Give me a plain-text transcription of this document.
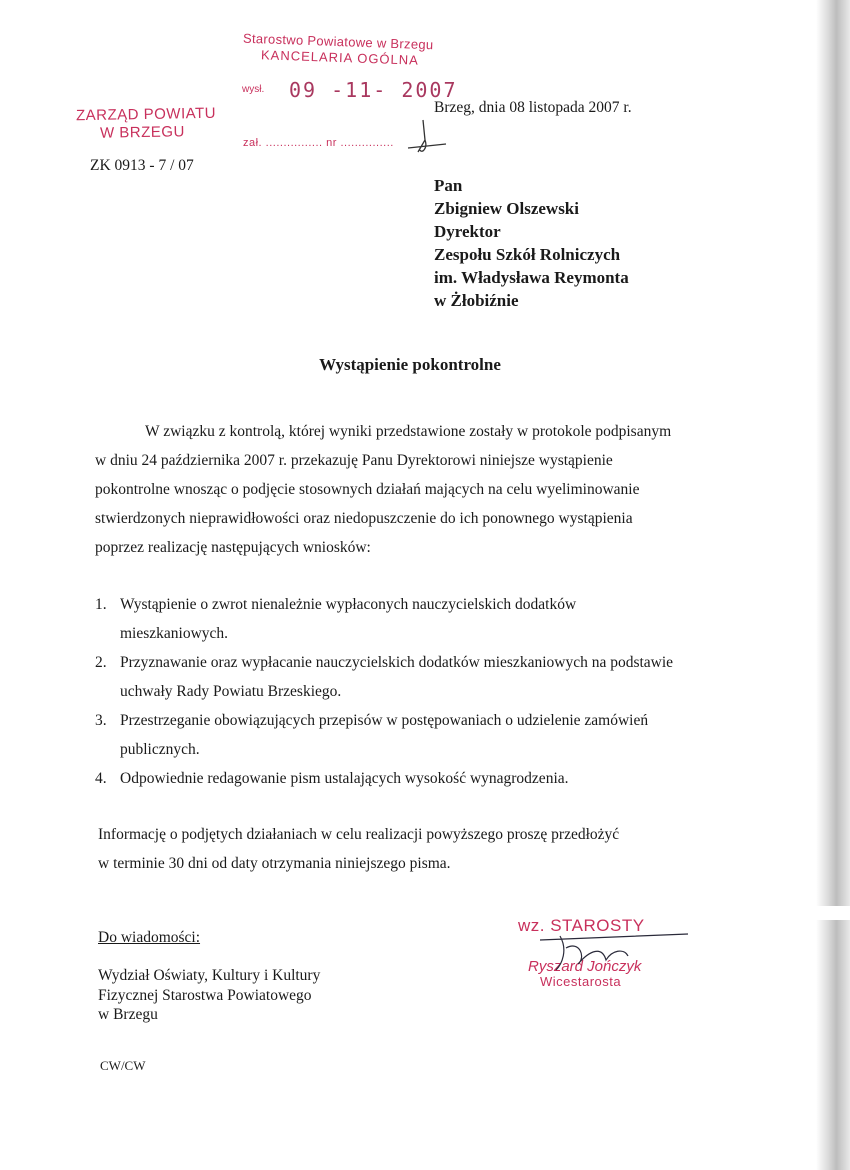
Starostwo Powiatowe w Brzegu
KANCELARIA OGÓLNA
wysł. 09 -11- 2007
zał. ................ nr ...............
ZARZĄD POWIATU
W BRZEGU
Brzeg, dnia 08 listopada 2007 r.
ZK 0913 - 7 / 07
Pan
Zbigniew Olszewski
Dyrektor
Zespołu Szkół Rolniczych
im. Władysława Reymonta
w Żłobiźnie
Wystąpienie pokontrolne
W związku z kontrolą, której wyniki przedstawione zostały w protokole podpisanym
w dniu 24 października 2007 r. przekazuję Panu Dyrektorowi niniejsze wystąpienie
pokontrolne wnosząc o podjęcie stosownych działań mających na celu wyeliminowanie
stwierdzonych nieprawidłowości oraz niedopuszczenie do ich ponownego wystąpienia
poprzez realizację następujących wniosków:
1. Wystąpienie o zwrot nienależnie wypłaconych nauczycielskich dodatków
mieszkaniowych.
2. Przyznawanie oraz wypłacanie nauczycielskich dodatków mieszkaniowych na podstawie
uchwały Rady Powiatu Brzeskiego.
3. Przestrzeganie obowiązujących przepisów w postępowaniach o udzielenie zamówień
publicznych.
4. Odpowiednie redagowanie pism ustalających wysokość wynagrodzenia.
Informację o podjętych działaniach w celu realizacji powyższego proszę przedłożyć
w terminie 30 dni od daty otrzymania niniejszego pisma.
wz. STAROSTY
Ryszard Jończyk
Wicestarosta
Do wiadomości:
Wydział Oświaty, Kultury i Kultury
Fizycznej Starostwa Powiatowego
w Brzegu
CW/CW
